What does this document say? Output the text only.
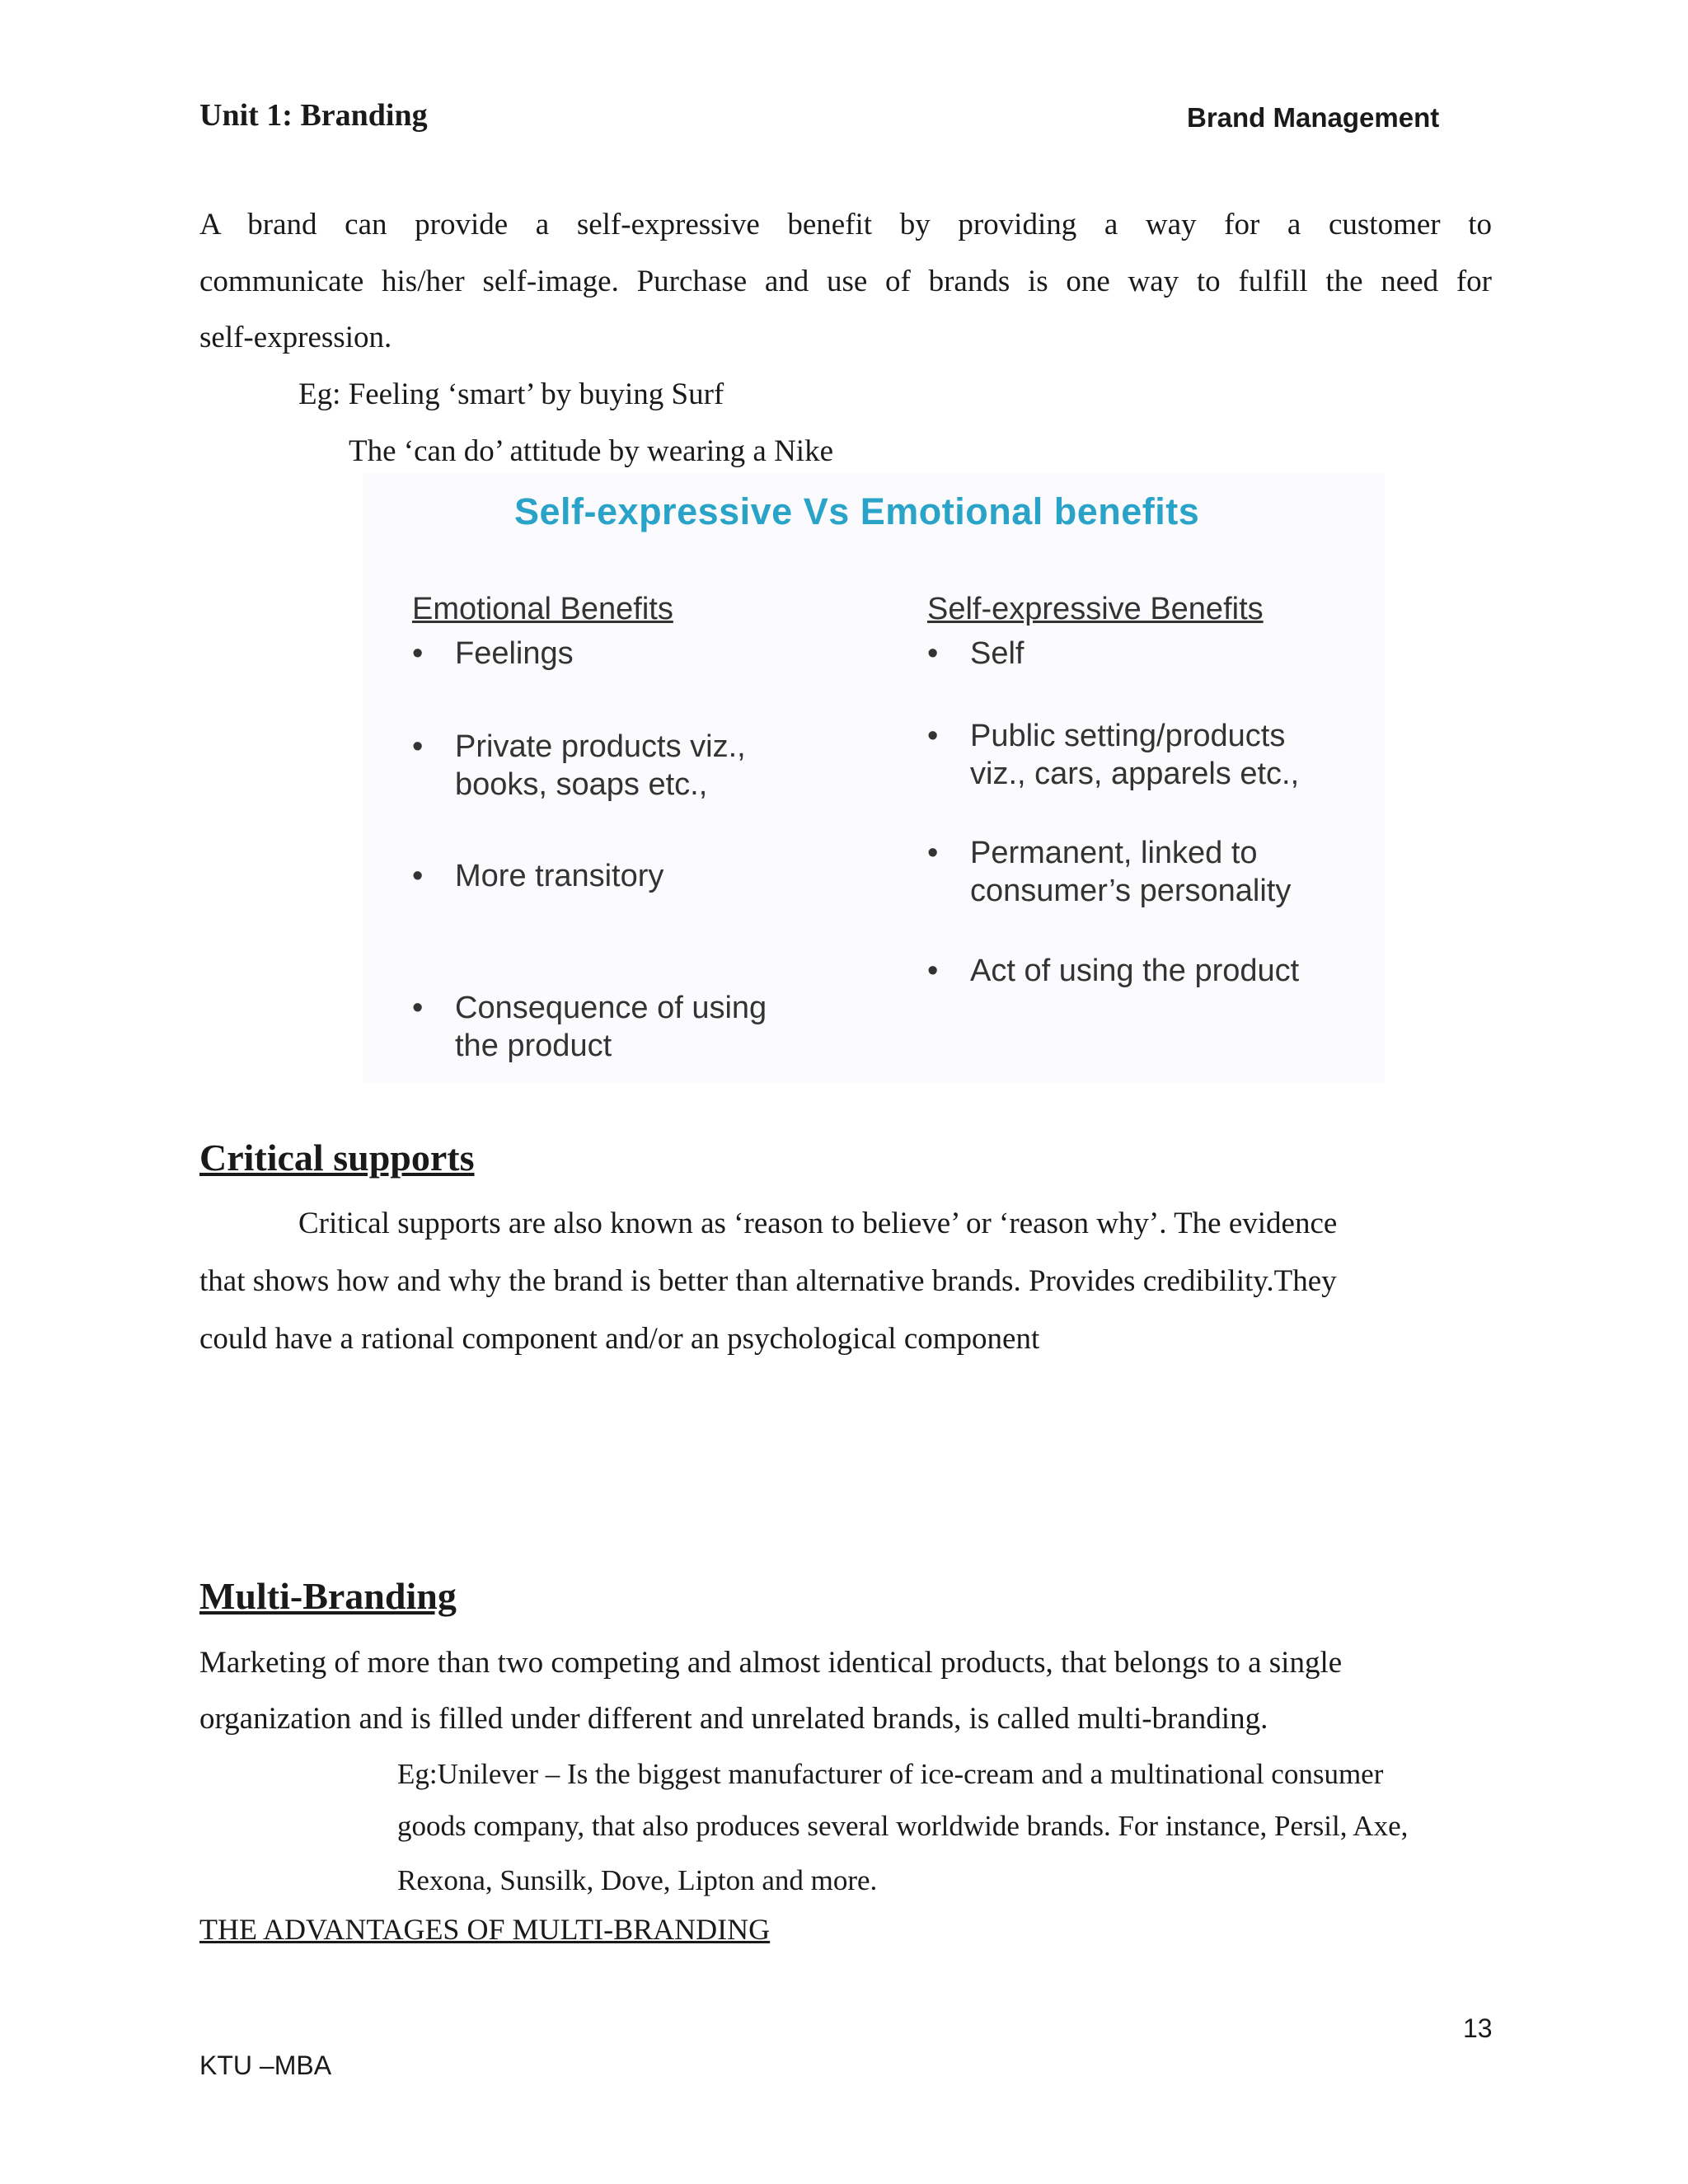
Unit 1: Branding	Brand Management
A brand can provide a self-expressive benefit by providing a way for a customer to
communicate his/her self-image. Purchase and use of brands is one way to fulfill the need for
self-expression.
Eg: Feeling ‘smart’ by buying Surf
The ‘can do’ attitude by wearing a Nike
Self-expressive Vs Emotional benefits
Emotional Benefits	Self-expressive Benefits
• Feelings
• Private products viz.,
books, soaps etc.,
• More transitory
• Consequence of using
the product
• Self
• Public setting/products
viz., cars, apparels etc.,
• Permanent, linked to
consumer’s personality
• Act of using the product
Critical supports
Critical supports are also known as ‘reason to believe’ or ‘reason why’. The evidence
that shows how and why the brand is better than alternative brands. Provides credibility.They
could have a rational component and/or an psychological component
Multi-Branding
Marketing of more than two competing and almost identical products, that belongs to a single
organization and is filled under different and unrelated brands, is called multi-branding.
Eg:Unilever – Is the biggest manufacturer of ice-cream and a multinational consumer
goods company, that also produces several worldwide brands. For instance, Persil, Axe,
Rexona, Sunsilk, Dove, Lipton and more.
THE ADVANTAGES OF MULTI-BRANDING
13
KTU –MBA
